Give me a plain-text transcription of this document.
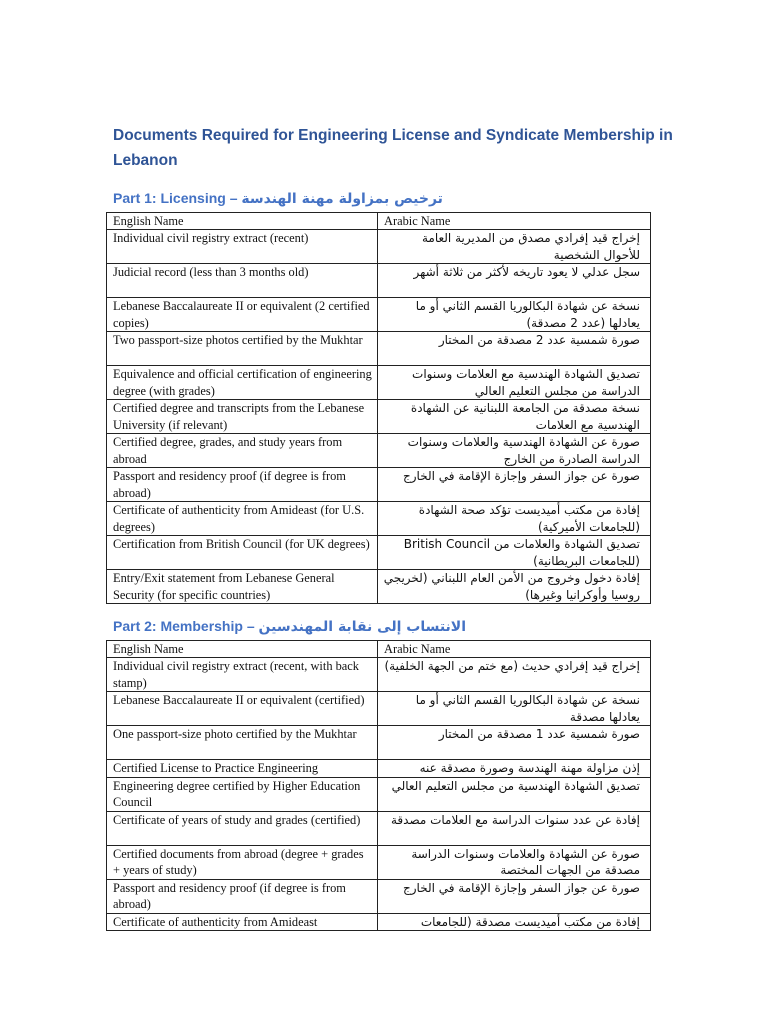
Documents Required for Engineering License and Syndicate Membership in Lebanon
Part 1: Licensing – ترخيص بمزاولة مهنة الهندسة
English Name	Arabic Name
Individual civil registry extract (recent)	إخراج قيد إفرادي مصدق من المديرية العامة للأحوال الشخصية
Judicial record (less than 3 months old)	سجل عدلي لا يعود تاريخه لأكثر من ثلاثة أشهر
Lebanese Baccalaureate II or equivalent (2 certified copies)	نسخة عن شهادة البكالوريا القسم الثاني أو ما يعادلها (عدد 2 مصدقة)
Two passport-size photos certified by the Mukhtar	صورة شمسية عدد 2 مصدقة من المختار
Equivalence and official certification of engineering degree (with grades)	تصديق الشهادة الهندسية مع العلامات وسنوات الدراسة من مجلس التعليم العالي
Certified degree and transcripts from the Lebanese University (if relevant)	نسخة مصدقة من الجامعة اللبنانية عن الشهادة الهندسية مع العلامات
Certified degree, grades, and study years from abroad	صورة عن الشهادة الهندسية والعلامات وسنوات الدراسة الصادرة من الخارج
Passport and residency proof (if degree is from abroad)	صورة عن جواز السفر وإجازة الإقامة في الخارج
Certificate of authenticity from Amideast (for U.S. degrees)	إفادة من مكتب أميديست تؤكد صحة الشهادة (للجامعات الأميركية)
Certification from British Council (for UK degrees)	تصديق الشهادة والعلامات من British Council (للجامعات البريطانية)
Entry/Exit statement from Lebanese General Security (for specific countries)	إفادة دخول وخروج من الأمن العام اللبناني (لخريجي روسيا وأوكرانيا وغيرها)
Part 2: Membership – الانتساب إلى نقابة المهندسين
English Name	Arabic Name
Individual civil registry extract (recent, with back stamp)	إخراج قيد إفرادي حديث (مع ختم من الجهة الخلفية)
Lebanese Baccalaureate II or equivalent (certified)	نسخة عن شهادة البكالوريا القسم الثاني أو ما يعادلها مصدقة
One passport-size photo certified by the Mukhtar	صورة شمسية عدد 1 مصدقة من المختار
Certified License to Practice Engineering	إذن مزاولة مهنة الهندسة وصورة مصدقة عنه
Engineering degree certified by Higher Education Council	تصديق الشهادة الهندسية من مجلس التعليم العالي
Certificate of years of study and grades (certified)	إفادة عن عدد سنوات الدراسة مع العلامات مصدقة
Certified documents from abroad (degree + grades + years of study)	صورة عن الشهادة والعلامات وسنوات الدراسة مصدقة من الجهات المختصة
Passport and residency proof (if degree is from abroad)	صورة عن جواز السفر وإجازة الإقامة في الخارج
Certificate of authenticity from Amideast	إفادة من مكتب أميديست مصدقة (للجامعات
